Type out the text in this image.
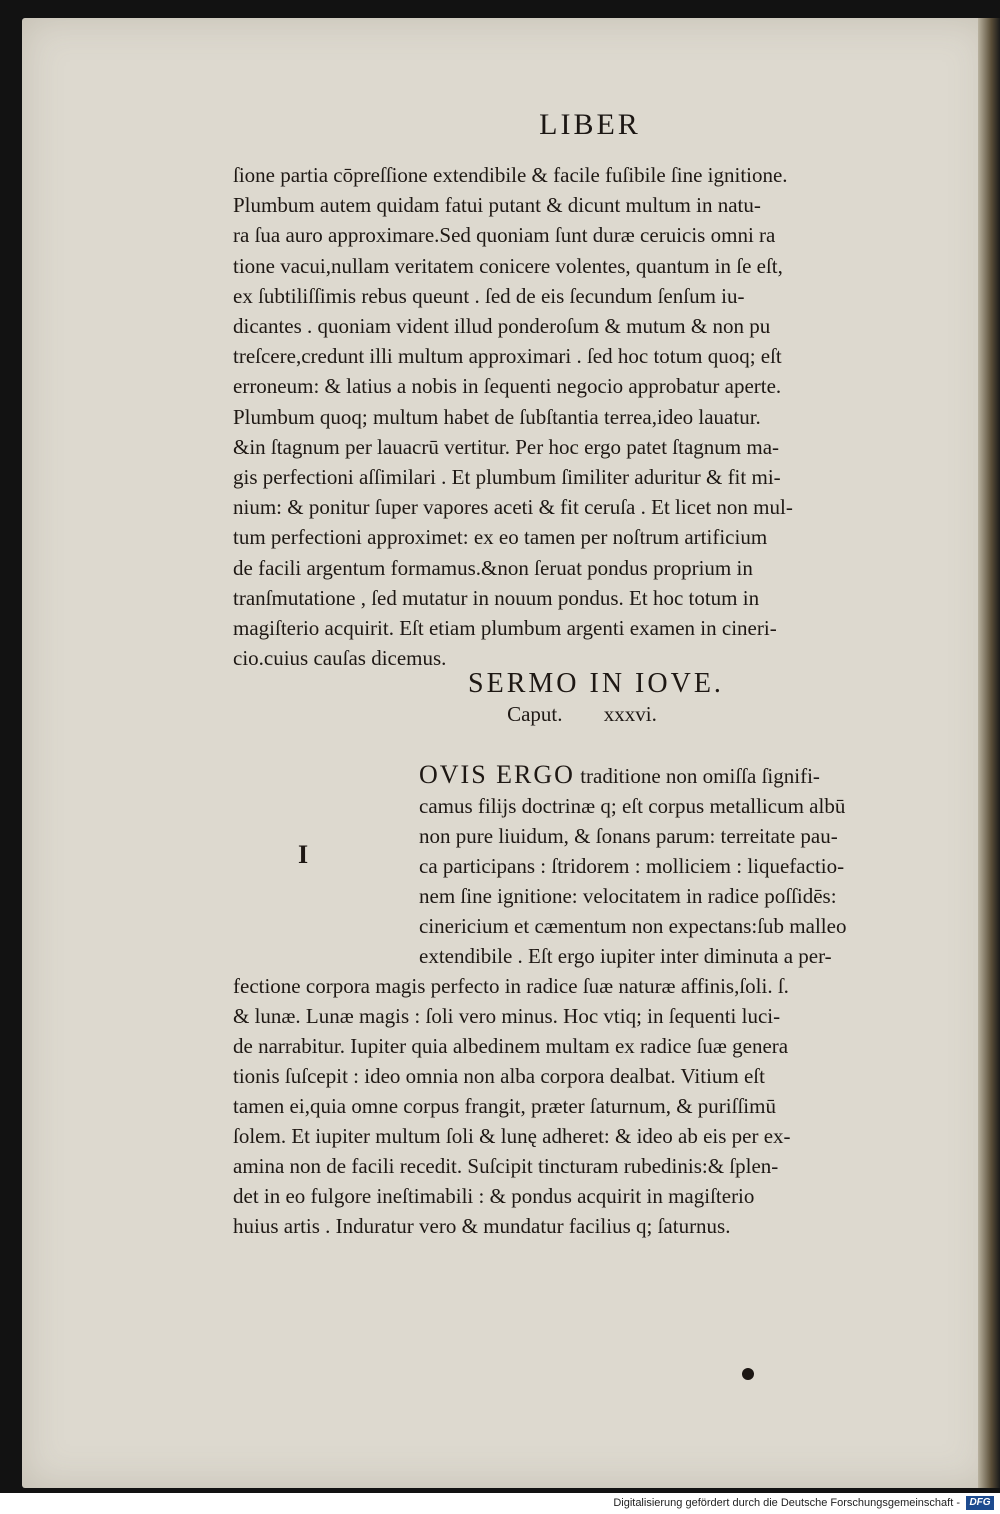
LIBER

ſione partia cōpreſſione extendibile & facile fuſibile ſine ignitione.

Plumbum autem quidam fatui putant & dicunt multum in natu-

ra ſua auro approximare.Sed quoniam ſunt duræ ceruicis omni ra

tione vacui,nullam veritatem conicere volentes, quantum in ſe eſt,

ex ſubtiliſſimis rebus queunt . ſed de eis ſecundum ſenſum iu-

dicantes . quoniam vident illud ponderoſum & mutum & non pu

treſcere,credunt illi multum approximari . ſed hoc totum quoq; eſt

erroneum: & latius a nobis in ſequenti negocio approbatur aperte.

Plumbum quoq; multum habet de ſubſtantia terrea,ideo lauatur.

&in ſtagnum per lauacrū vertitur. Per hoc ergo patet ſtagnum ma-

gis perfectioni aſſimilari . Et plumbum ſimiliter aduritur & fit mi-

nium: & ponitur ſuper vapores aceti & fit ceruſa . Et licet non mul-

tum perfectioni approximet: ex eo tamen per noſtrum artificium

de facili argentum formamus.&non ſeruat pondus proprium in

tranſmutatione , ſed mutatur in nouum pondus. Et hoc totum in

magiſterio acquirit. Eſt etiam plumbum argenti examen in cineri-

cio.cuius cauſas dicemus.

SERMO IN IOVE.
Caput. xxxvi.
I

OVIS ERGO traditione non omiſſa ſignifi-

camus filijs doctrinæ q; eſt corpus metallicum albū

non pure liuidum, & ſonans parum: terreitate pau-

ca participans : ſtridorem : molliciem : liquefactio-

nem ſine ignitione: velocitatem in radice poſſidēs:

cinericium et cæmentum non expectans:ſub malleo

extendibile . Eſt ergo iupiter inter diminuta a per-

fectione corpora magis perfecto in radice ſuæ naturæ affinis,ſoli. ſ.

& lunæ. Lunæ magis : ſoli vero minus. Hoc vtiq; in ſequenti luci-

de narrabitur. Iupiter quia albedinem multam ex radice ſuæ genera

tionis ſuſcepit : ideo omnia non alba corpora dealbat. Vitium eſt

tamen ei,quia omne corpus frangit, præter ſaturnum, & puriſſimū

ſolem. Et iupiter multum ſoli & lunę adheret: & ideo ab eis per ex-

amina non de facili recedit. Suſcipit tincturam rubedinis:& ſplen-

det in eo fulgore ineſtimabili : & pondus acquirit in magiſterio

huius artis . Induratur vero & mundatur facilius q; ſaturnus.

Digitalisierung gefördert durch die Deutsche Forschungsgemeinschaft - DFG
